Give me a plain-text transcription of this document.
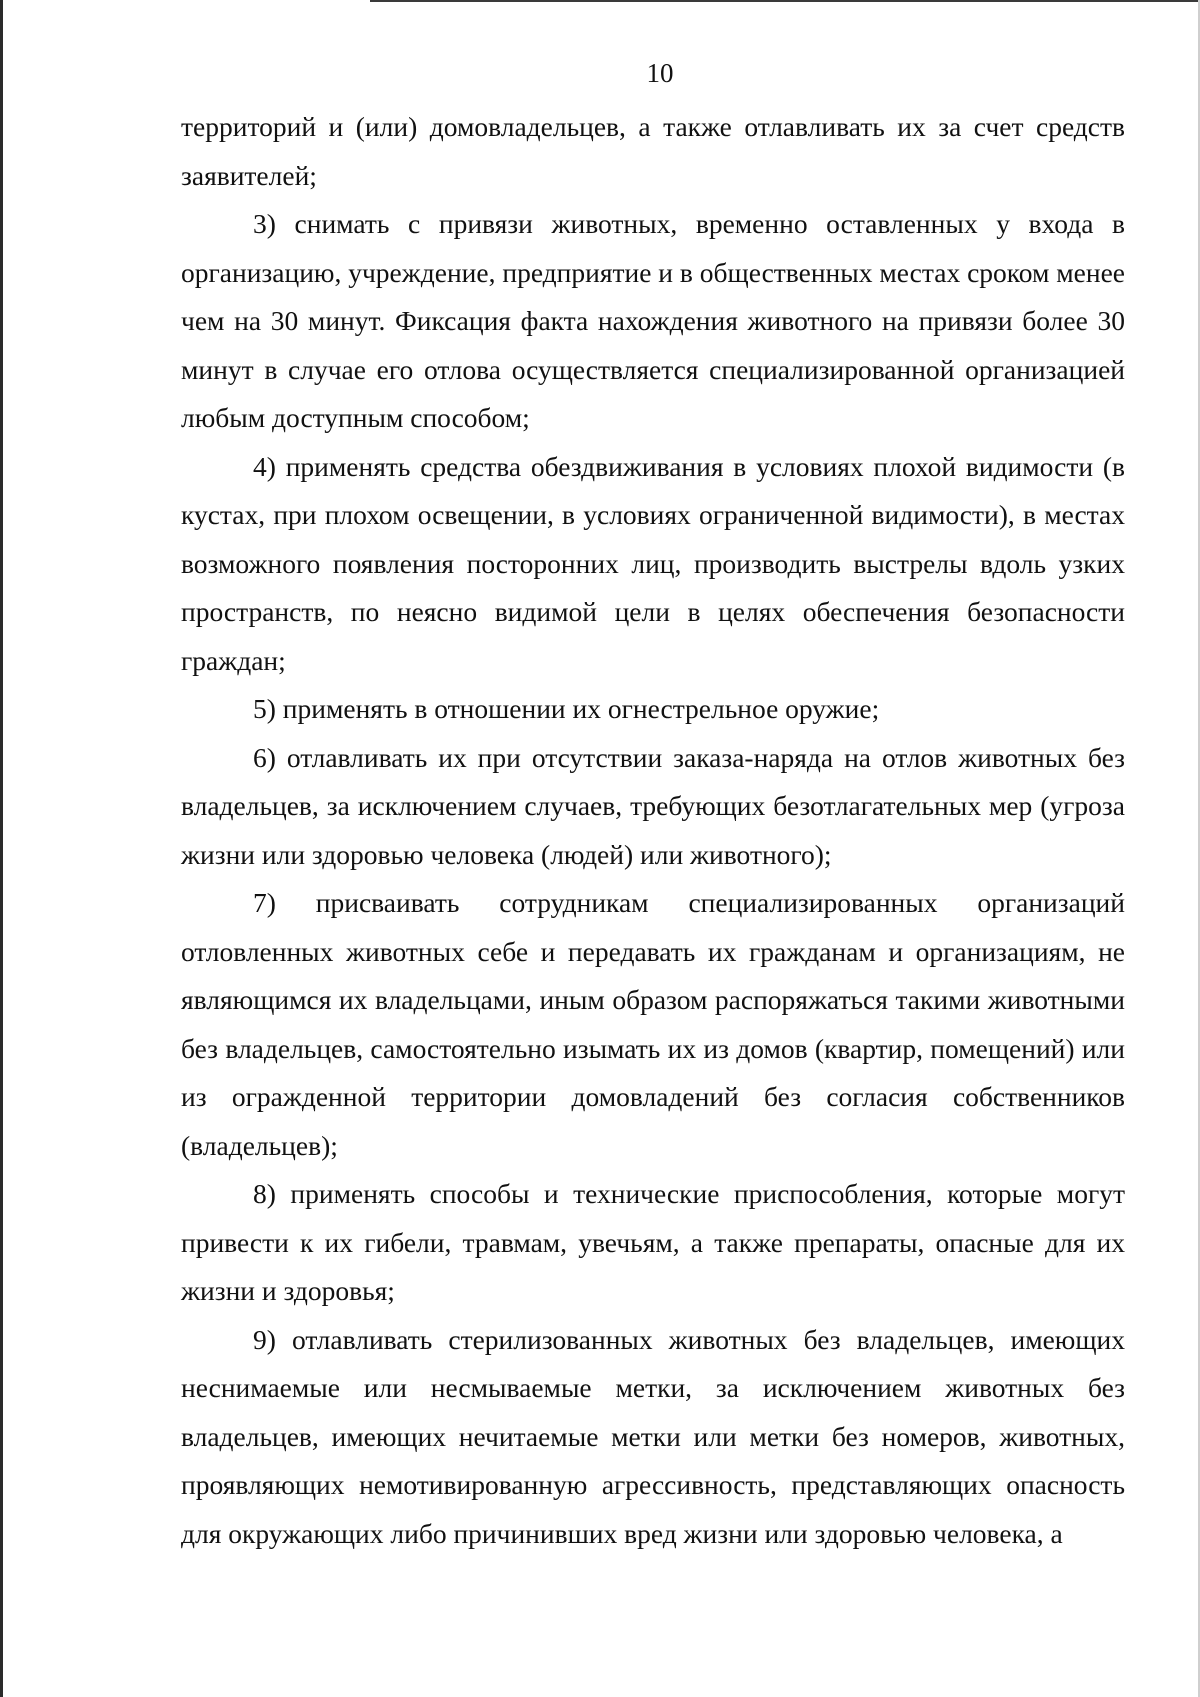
10

территорий и (или) домовладельцев, а также отлавливать их за счет средств заявителей;

3) снимать с привязи животных, временно оставленных у входа в организацию, учреждение, предприятие и в общественных местах сроком менее чем на 30 минут. Фиксация факта нахождения животного на привязи более 30 минут в случае его отлова осуществляется специализированной организацией любым доступным способом;

4) применять средства обездвиживания в условиях плохой видимости (в кустах, при плохом освещении, в условиях ограниченной видимости), в местах возможного появления посторонних лиц, производить выстрелы вдоль узких пространств, по неясно видимой цели в целях обеспечения безопасности граждан;

5) применять в отношении их огнестрельное оружие;

6) отлавливать их при отсутствии заказа-наряда на отлов животных без владельцев, за исключением случаев, требующих безотлагательных мер (угроза жизни или здоровью человека (людей) или животного);

7) присваивать сотрудникам специализированных организаций отловленных животных себе и передавать их гражданам и организациям, не являющимся их владельцами, иным образом распоряжаться такими животными без владельцев, самостоятельно изымать их из домов (квартир, помещений) или из огражденной территории домовладений без согласия собственников (владельцев);

8) применять способы и технические приспособления, которые могут привести к их гибели, травмам, увечьям, а также препараты, опасные для их жизни и здоровья;

9) отлавливать стерилизованных животных без владельцев, имеющих неснимаемые или несмываемые метки, за исключением животных без владельцев, имеющих нечитаемые метки или метки без номеров, животных, проявляющих немотивированную агрессивность, представляющих опасность для окружающих либо причинивших вред жизни или здоровью человека, а
